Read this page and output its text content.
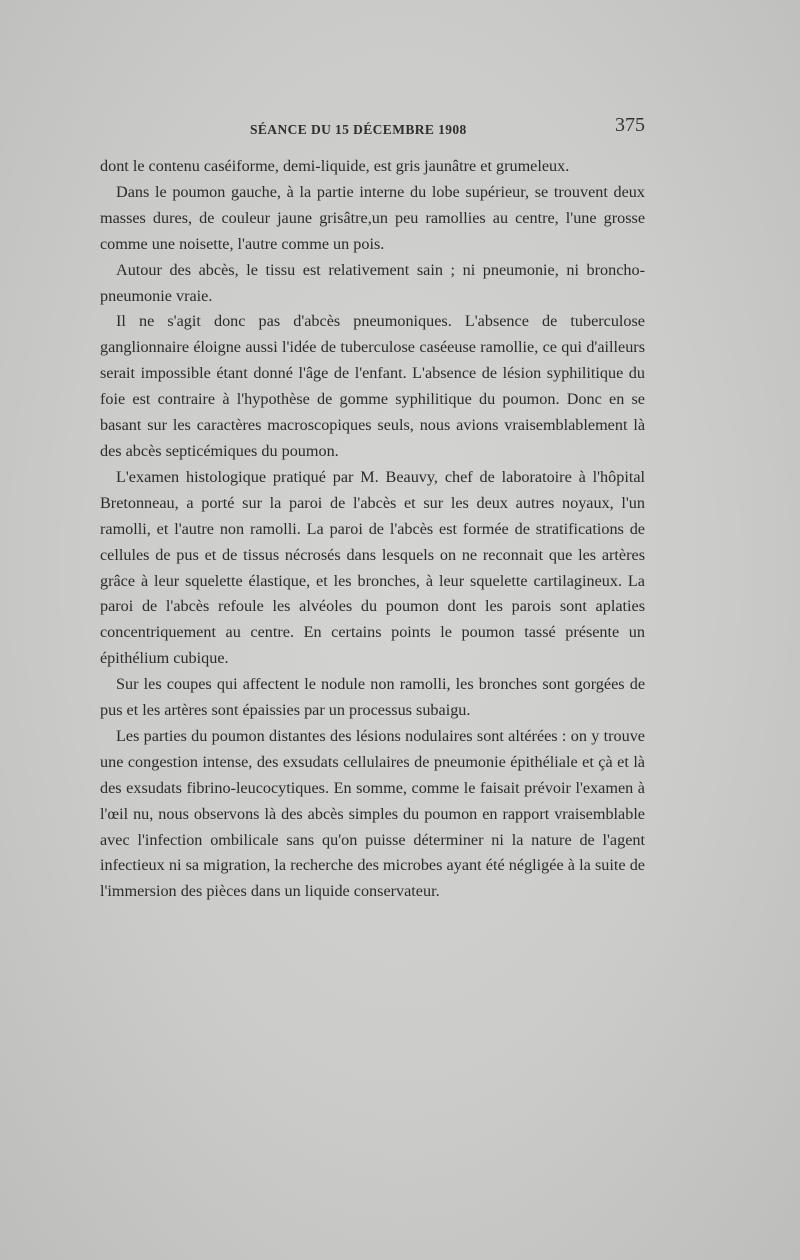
SÉANCE DU 15 DÉCEMBRE 1908	375

dont le contenu caséiforme, demi-liquide, est gris jaunâtre et grumeleux.

Dans le poumon gauche, à la partie interne du lobe supérieur, se trouvent deux masses dures, de couleur jaune grisâtre,un peu ramollies au centre, l'une grosse comme une noisette, l'autre comme un pois.

Autour des abcès, le tissu est relativement sain ; ni pneumonie, ni broncho-pneumonie vraie.

Il ne s'agit donc pas d'abcès pneumoniques. L'absence de tuberculose ganglionnaire éloigne aussi l'idée de tuberculose caséeuse ramollie, ce qui d'ailleurs serait impossible étant donné l'âge de l'enfant. L'absence de lésion syphilitique du foie est contraire à l'hypothèse de gomme syphilitique du poumon. Donc en se basant sur les caractères macroscopiques seuls, nous avions vraisemblablement là des abcès septicémiques du poumon.

L'examen histologique pratiqué par M. Beauvy, chef de laboratoire à l'hôpital Bretonneau, a porté sur la paroi de l'abcès et sur les deux autres noyaux, l'un ramolli, et l'autre non ramolli. La paroi de l'abcès est formée de stratifications de cellules de pus et de tissus nécrosés dans lesquels on ne reconnait que les artères grâce à leur squelette élastique, et les bronches, à leur squelette cartilagineux. La paroi de l'abcès refoule les alvéoles du poumon dont les parois sont aplaties concentriquement au centre. En certains points le poumon tassé présente un épithélium cubique.

Sur les coupes qui affectent le nodule non ramolli, les bronches sont gorgées de pus et les artères sont épaissies par un processus subaigu.

Les parties du poumon distantes des lésions nodulaires sont altérées : on y trouve une congestion intense, des exsudats cellulaires de pneumonie épithéliale et çà et là des exsudats fibrino-leucocytiques. En somme, comme le faisait prévoir l'examen à l'œil nu, nous observons là des abcès simples du poumon en rapport vraisemblable avec l'infection ombilicale sans qu'on puisse déterminer ni la nature de l'agent infectieux ni sa migration, la recherche des microbes ayant été négligée à la suite de l'immersion des pièces dans un liquide conservateur.
